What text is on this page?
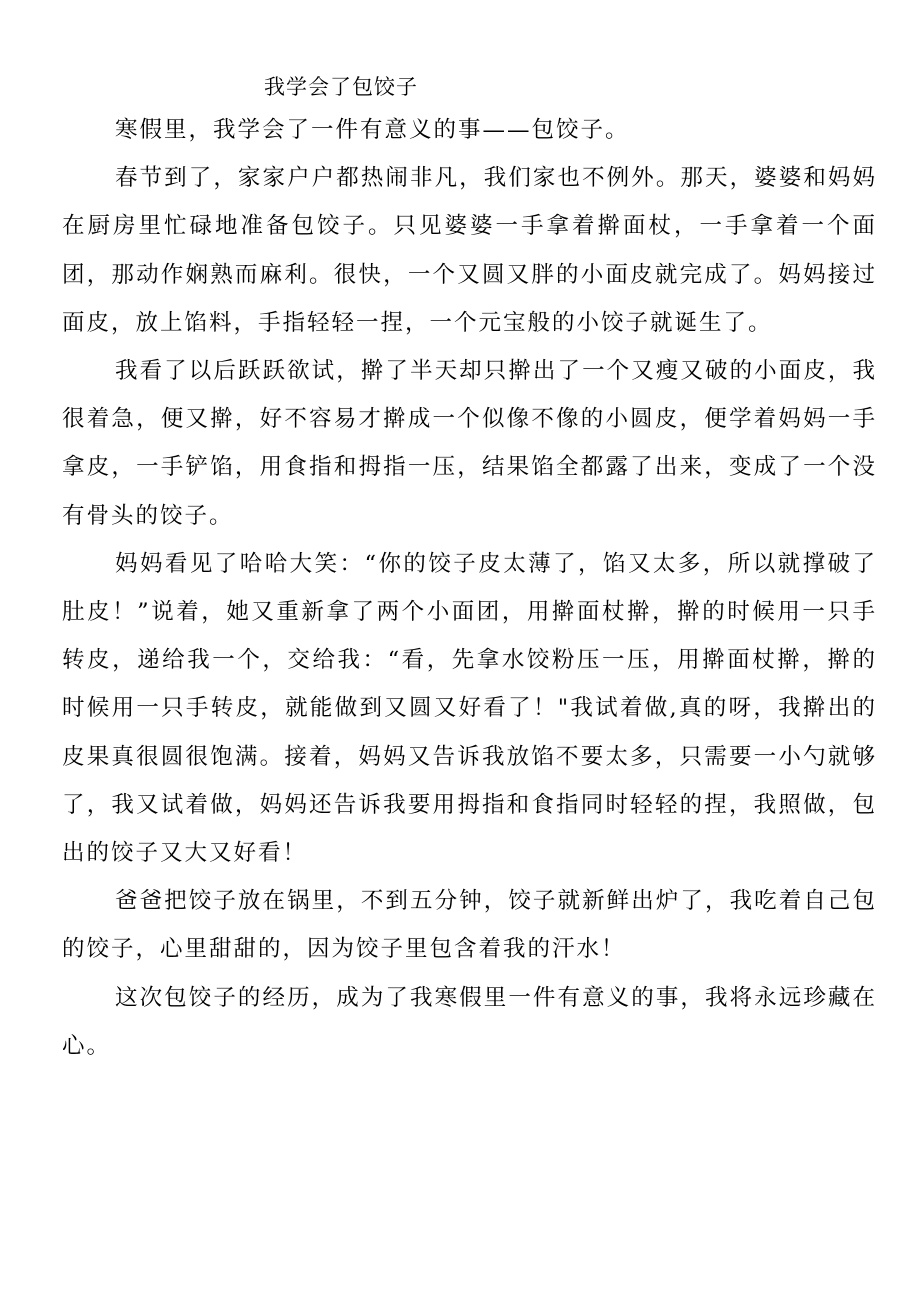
我学会了包饺子

寒假里，我学会了一件有意义的事——包饺子。

春节到了，家家户户都热闹非凡，我们家也不例外。那天，婆婆和妈妈在厨房里忙碌地准备包饺子。只见婆婆一手拿着擀面杖，一手拿着一个面团，那动作娴熟而麻利。很快，一个又圆又胖的小面皮就完成了。妈妈接过面皮，放上馅料，手指轻轻一捏，一个元宝般的小饺子就诞生了。

我看了以后跃跃欲试，擀了半天却只擀出了一个又瘦又破的小面皮，我很着急，便又擀，好不容易才擀成一个似像不像的小圆皮，便学着妈妈一手拿皮，一手铲馅，用食指和拇指一压，结果馅全都露了出来，变成了一个没有骨头的饺子。

妈妈看见了哈哈大笑：“你的饺子皮太薄了，馅又太多，所以就撑破了肚皮！”说着，她又重新拿了两个小面团，用擀面杖擀，擀的时候用一只手转皮，递给我一个，交给我：“看，先拿水饺粉压一压，用擀面杖擀，擀的时候用一只手转皮，就能做到又圆又好看了！"我试着做,真的呀，我擀出的皮果真很圆很饱满。接着，妈妈又告诉我放馅不要太多，只需要一小勺就够了，我又试着做，妈妈还告诉我要用拇指和食指同时轻轻的捏，我照做，包出的饺子又大又好看！

爸爸把饺子放在锅里，不到五分钟，饺子就新鲜出炉了，我吃着自己包的饺子，心里甜甜的，因为饺子里包含着我的汗水！

这次包饺子的经历，成为了我寒假里一件有意义的事，我将永远珍藏在心。
